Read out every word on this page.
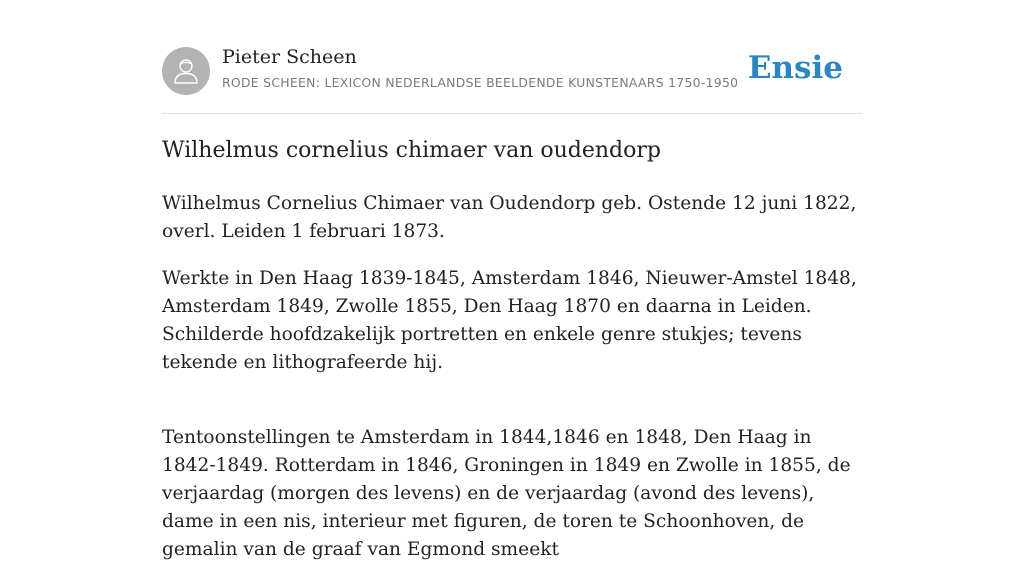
Pieter Scheen
RODE SCHEEN: LEXICON NEDERLANDSE BEELDENDE KUNSTENAARS 1750-1950 Ensie
Wilhelmus cornelius chimaer van oudendorp

Wilhelmus Cornelius Chimaer van Oudendorp geb. Ostende 12 juni 1822, overl. Leiden 1 februari 1873.

Werkte in Den Haag 1839-1845, Amsterdam 1846, Nieuwer-Amstel 1848, Amsterdam 1849, Zwolle 1855, Den Haag 1870 en daarna in Leiden. Schilderde hoofdzakelijk portretten en enkele genre stukjes; tevens tekende en lithografeerde hij.

Tentoonstellingen te Amsterdam in 1844,1846 en 1848, Den Haag in 1842-1849. Rotterdam in 1846, Groningen in 1849 en Zwolle in 1855, de verjaardag (morgen des levens) en de verjaardag (avond des levens), dame in een nis, interieur met figuren, de toren te Schoonhoven, de gemalin van de graaf van Egmond smeekt
